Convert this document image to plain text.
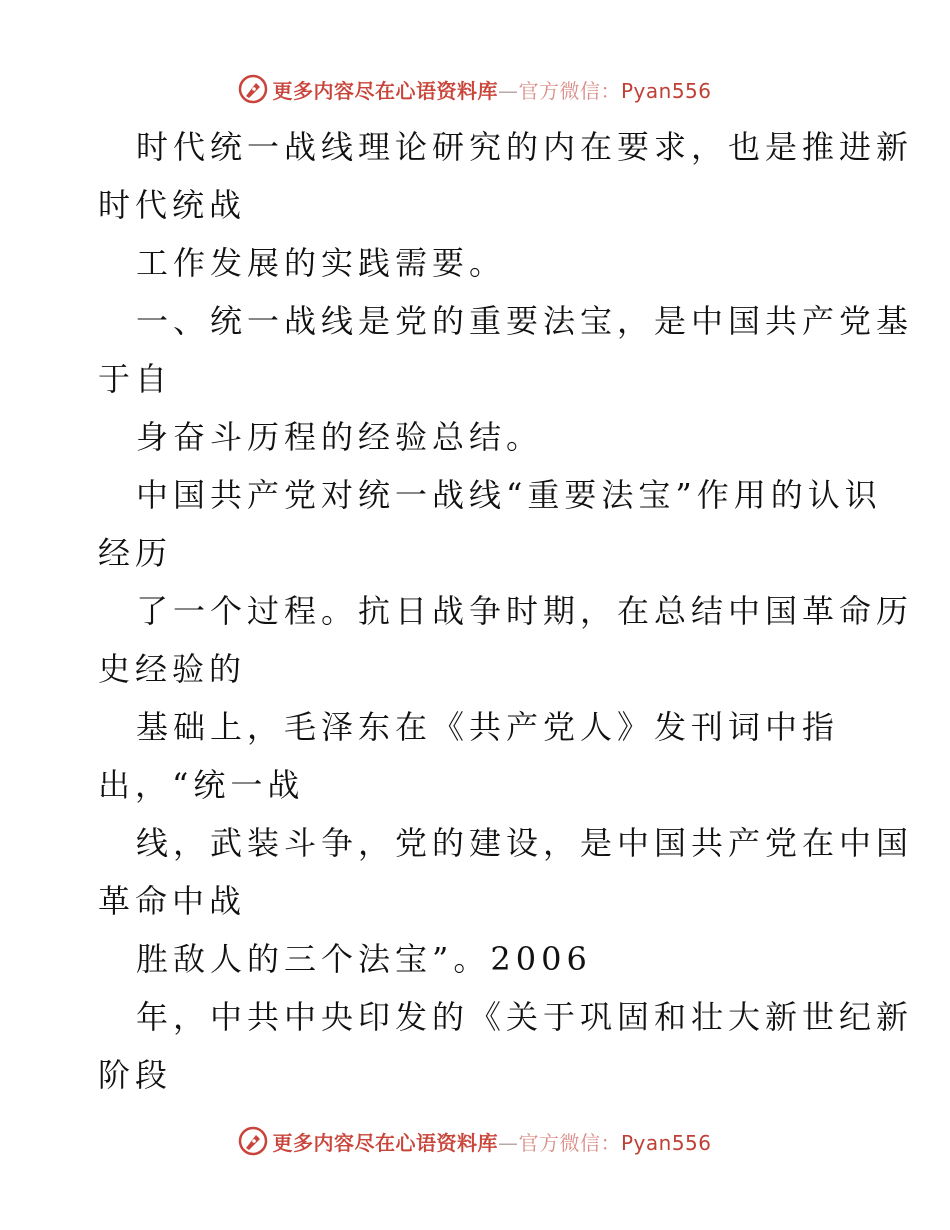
更多内容尽在心语资料库—官方微信：Pyan556
时代统一战线理论研究的内在要求，也是推进新
时代统战
工作发展的实践需要。
一、统一战线是党的重要法宝，是中国共产党基
于自
身奋斗历程的经验总结。
中国共产党对统一战线“重要法宝”作用的认识
经历
了一个过程。抗日战争时期，在总结中国革命历
史经验的
基础上，毛泽东在《共产党人》发刊词中指
出，“统一战
线，武装斗争，党的建设，是中国共产党在中国
革命中战
胜敌人的三个法宝”。2006
年，中共中央印发的《关于巩固和壮大新世纪新
阶段
更多内容尽在心语资料库—官方微信：Pyan556
